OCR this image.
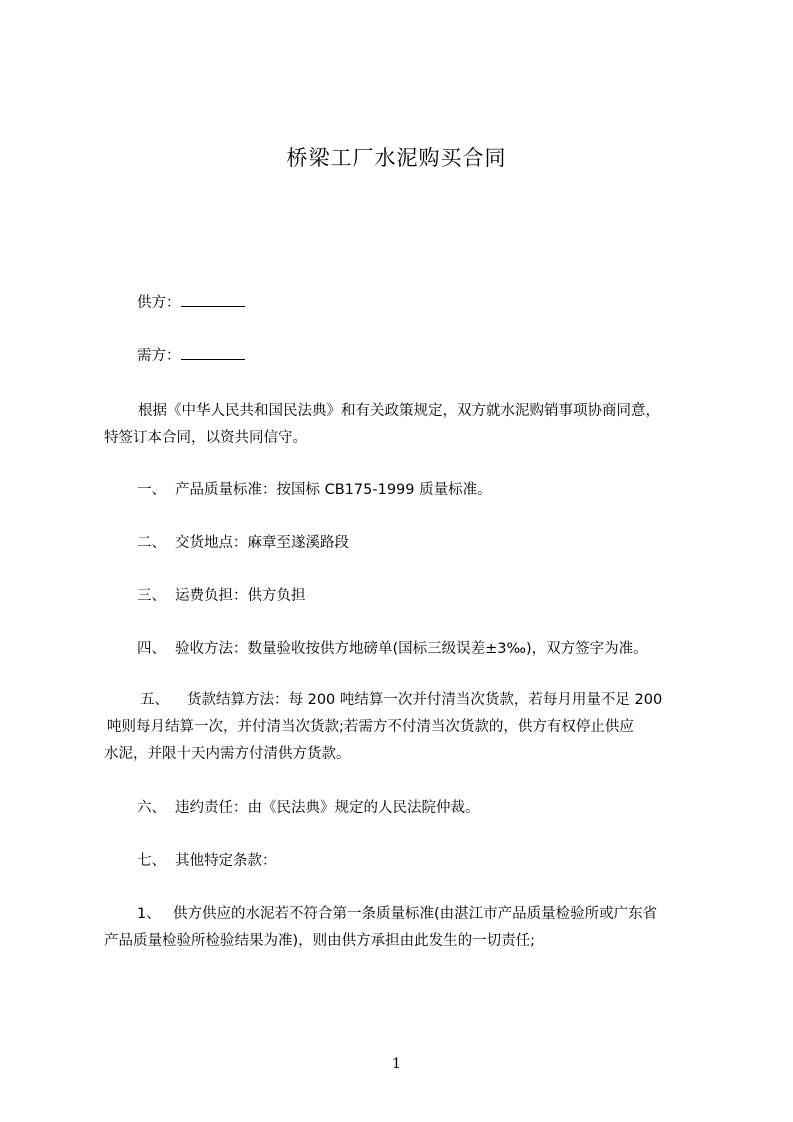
桥梁工厂水泥购买合同
供方：
需方：
根据《中华人民共和国民法典》和有关政策规定，双方就水泥购销事项协商同意，
特签订本合同，以资共同信守。
一、 产品质量标准：按国标 CB175-1999 质量标准。
二、 交货地点：麻章至遂溪路段
三、 运费负担：供方负担
四、 验收方法：数量验收按供方地磅单(国标三级误差±3‰)，双方签字为准。
五、 货款结算方法：每 200 吨结算一次并付清当次货款，若每月用量不足 200
吨则每月结算一次，并付清当次货款;若需方不付清当次货款的，供方有权停止供应
水泥，并限十天内需方付清供方货款。
六、 违约责任：由《民法典》规定的人民法院仲裁。
七、 其他特定条款：
1、 供方供应的水泥若不符合第一条质量标准(由湛江市产品质量检验所或广东省
产品质量检验所检验结果为准)，则由供方承担由此发生的一切责任;
1
